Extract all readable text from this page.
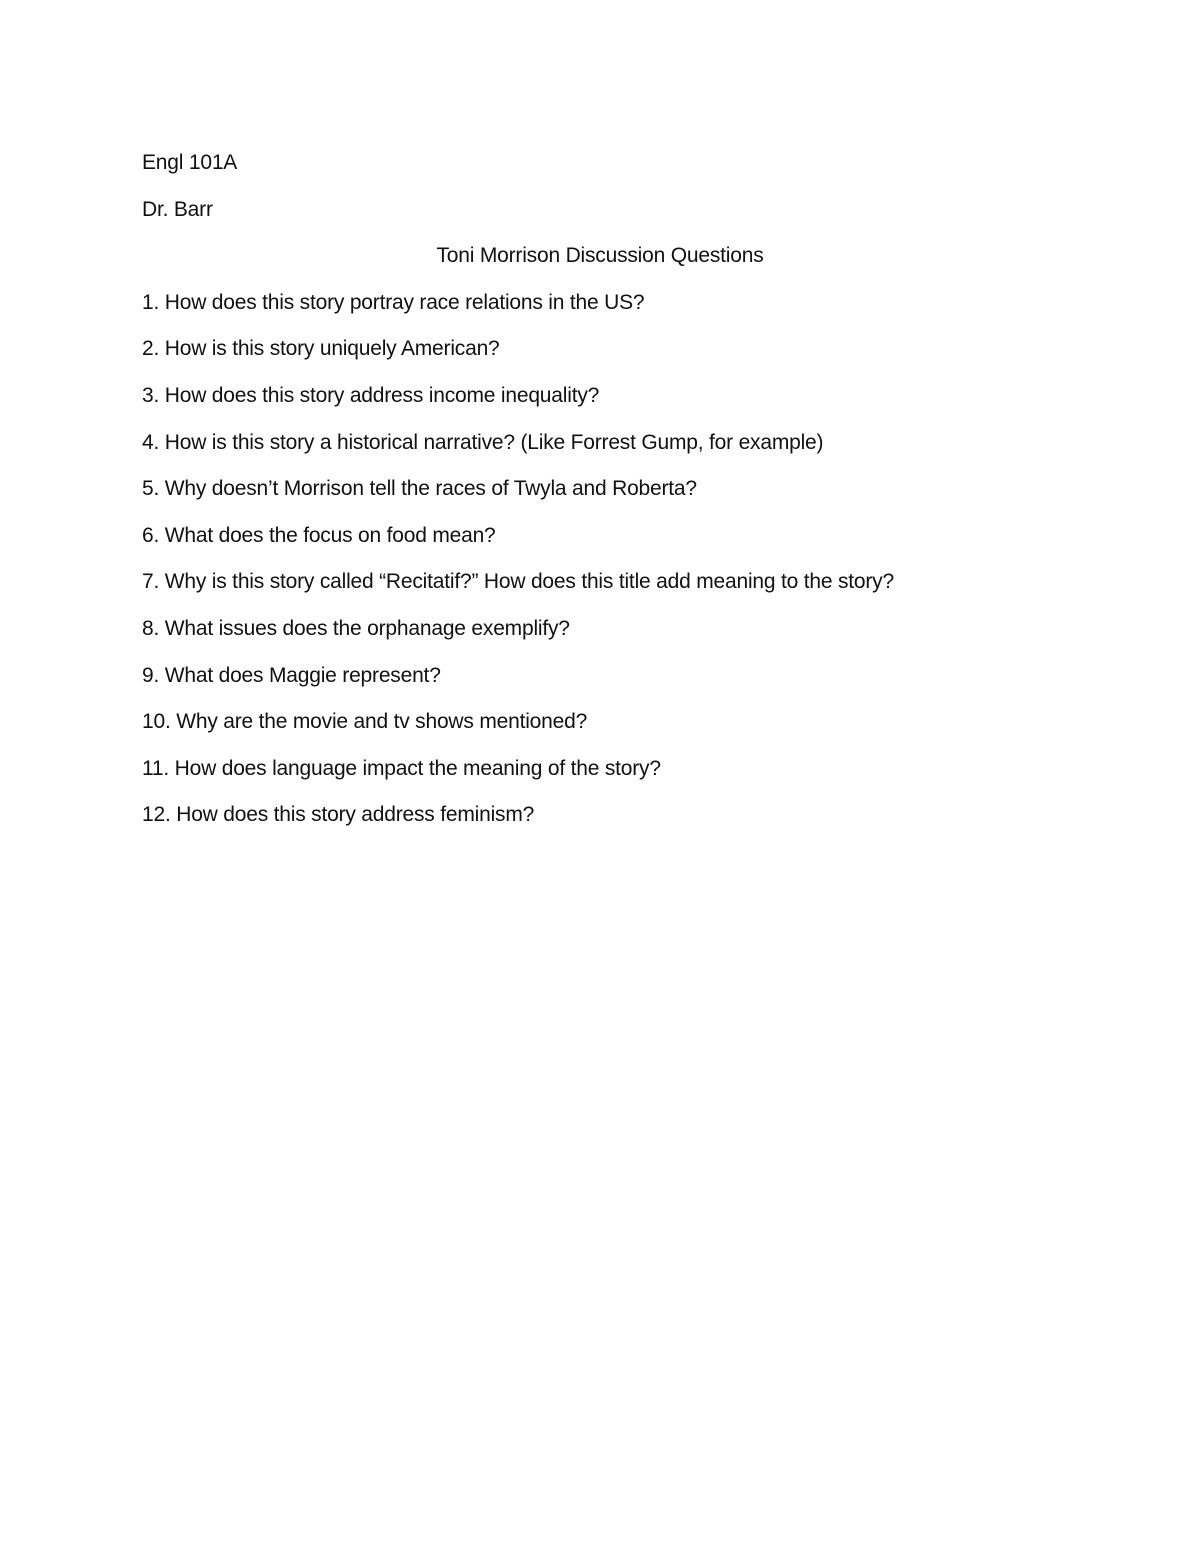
Engl 101A
Dr. Barr
Toni Morrison Discussion Questions
1. How does this story portray race relations in the US?
2. How is this story uniquely American?
3. How does this story address income inequality?
4. How is this story a historical narrative? (Like Forrest Gump, for example)
5. Why doesn’t Morrison tell the races of Twyla and Roberta?
6. What does the focus on food mean?
7. Why is this story called “Recitatif?” How does this title add meaning to the story?
8. What issues does the orphanage exemplify?
9. What does Maggie represent?
10. Why are the movie and tv shows mentioned?
11. How does language impact the meaning of the story?
12. How does this story address feminism?
